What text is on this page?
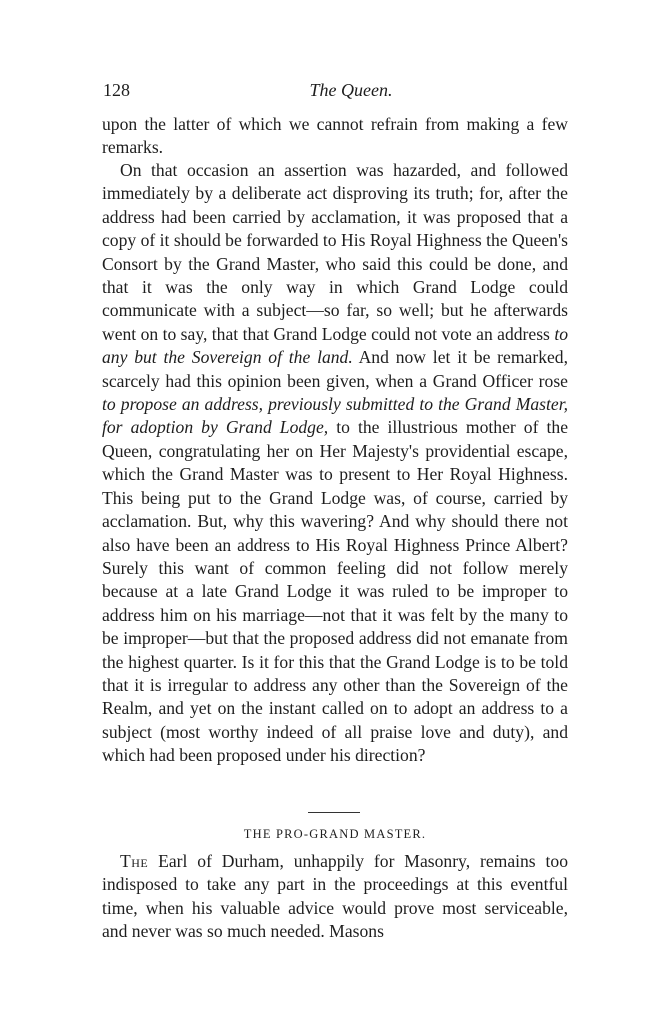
128	The Queen.

upon the latter of which we cannot refrain from making a few remarks.

On that occasion an assertion was hazarded, and followed immediately by a deliberate act disproving its truth; for, after the address had been carried by acclamation, it was proposed that a copy of it should be forwarded to His Royal Highness the Queen's Consort by the Grand Master, who said this could be done, and that it was the only way in which Grand Lodge could communicate with a subject—so far, so well; but he afterwards went on to say, that that Grand Lodge could not vote an address to any but the Sovereign of the land. And now let it be remarked, scarcely had this opinion been given, when a Grand Officer rose to propose an address, previously submitted to the Grand Master, for adoption by Grand Lodge, to the illustrious mother of the Queen, congratulating her on Her Majesty's providential escape, which the Grand Master was to present to Her Royal Highness. This being put to the Grand Lodge was, of course, carried by acclamation. But, why this wavering? And why should there not also have been an address to His Royal Highness Prince Albert? Surely this want of common feeling did not follow merely because at a late Grand Lodge it was ruled to be improper to address him on his marriage—not that it was felt by the many to be improper—but that the proposed address did not emanate from the highest quarter. Is it for this that the Grand Lodge is to be told that it is irregular to address any other than the Sovereign of the Realm, and yet on the instant called on to adopt an address to a subject (most worthy indeed of all praise love and duty), and which had been proposed under his direction?

THE PRO-GRAND MASTER.

The Earl of Durham, unhappily for Masonry, remains too indisposed to take any part in the proceedings at this eventful time, when his valuable advice would prove most serviceable, and never was so much needed. Masons
